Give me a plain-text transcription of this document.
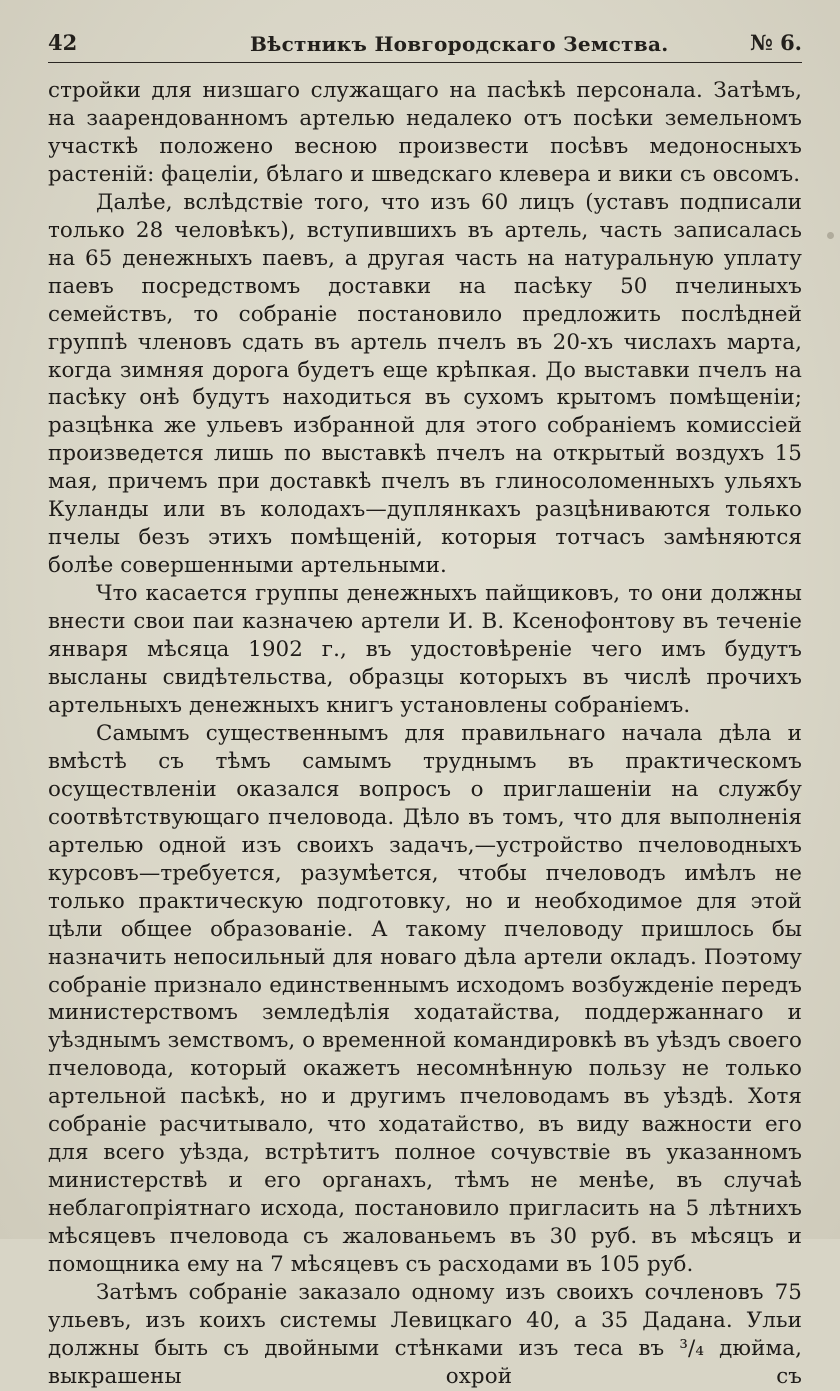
42	Вѣстникъ Новгородскаго Земства.	№ 6.

стройки для низшаго служащаго на пасѣкѣ персонала. Затѣмъ, на заарендованномъ артелью недалеко отъ посѣки земельномъ участкѣ положено весною произвести посѣвъ медоносныхъ растеній: фацеліи, бѣлаго и шведскаго клевера и вики съ овсомъ.

Далѣе, вслѣдствіе того, что изъ 60 лицъ (уставъ подписали только 28 человѣкъ), вступившихъ въ артель, часть записалась на 65 денежныхъ паевъ, а другая часть на натуральную уплату паевъ посредствомъ доставки на пасѣку 50 пчелиныхъ семействъ, то собраніе постановило предложить послѣдней группѣ членовъ сдать въ артель пчелъ въ 20-хъ числахъ марта, когда зимняя дорога будетъ еще крѣпкая. До выставки пчелъ на пасѣку онѣ будутъ находиться въ сухомъ крытомъ помѣщеніи; разцѣнка же ульевъ избранной для этого собраніемъ комиссіей произведется лишь по выставкѣ пчелъ на открытый воздухъ 15 мая, причемъ при доставкѣ пчелъ въ глиносоломенныхъ ульяхъ Куланды или въ колодахъ—дуплянкахъ разцѣниваются только пчелы безъ этихъ помѣщеній, которыя тотчасъ замѣняются болѣе совершенными артельными.

Что касается группы денежныхъ пайщиковъ, то они должны внести свои паи казначею артели И. В. Ксенофонтову въ теченіе января мѣсяца 1902 г., въ удостовѣреніе чего имъ будутъ высланы свидѣтельства, образцы которыхъ въ числѣ прочихъ артельныхъ денежныхъ книгъ установлены собраніемъ.

Самымъ существеннымъ для правильнаго начала дѣла и вмѣстѣ съ тѣмъ самымъ труднымъ въ практическомъ осуществленіи оказался вопросъ о приглашеніи на службу соотвѣтствующаго пчеловода. Дѣло въ томъ, что для выполненія артелью одной изъ своихъ задачъ,—устройство пчеловодныхъ курсовъ—требуется, разумѣется, чтобы пчеловодъ имѣлъ не только практическую подготовку, но и необходимое для этой цѣли общее образованіе. А такому пчеловоду пришлось бы назначить непосильный для новаго дѣла артели окладъ. Поэтому собраніе признало единственнымъ исходомъ возбужденіе передъ министерствомъ земледѣлія ходатайства, поддержаннаго и уѣзднымъ земствомъ, о временной командировкѣ въ уѣздъ своего пчеловода, который окажетъ несомнѣнную пользу не только артельной пасѣкѣ, но и другимъ пчеловодамъ въ уѣздѣ. Хотя собраніе расчитывало, что ходатайство, въ виду важности его для всего уѣзда, встрѣтитъ полное сочувствіе въ указанномъ министерствѣ и его органахъ, тѣмъ не менѣе, въ случаѣ неблагопріятнаго исхода, постановило пригласить на 5 лѣтнихъ мѣсяцевъ пчеловода съ жалованьемъ въ 30 руб. въ мѣсяцъ и помощника ему на 7 мѣсяцевъ съ расходами въ 105 руб.

Затѣмъ собраніе заказало одному изъ своихъ сочленовъ 75 ульевъ, изъ коихъ системы Левицкаго 40, а 35 Дадана. Ульи должны быть съ двойными стѣнками изъ теса въ ³/₄ дюйма, выкрашены охрой съ
